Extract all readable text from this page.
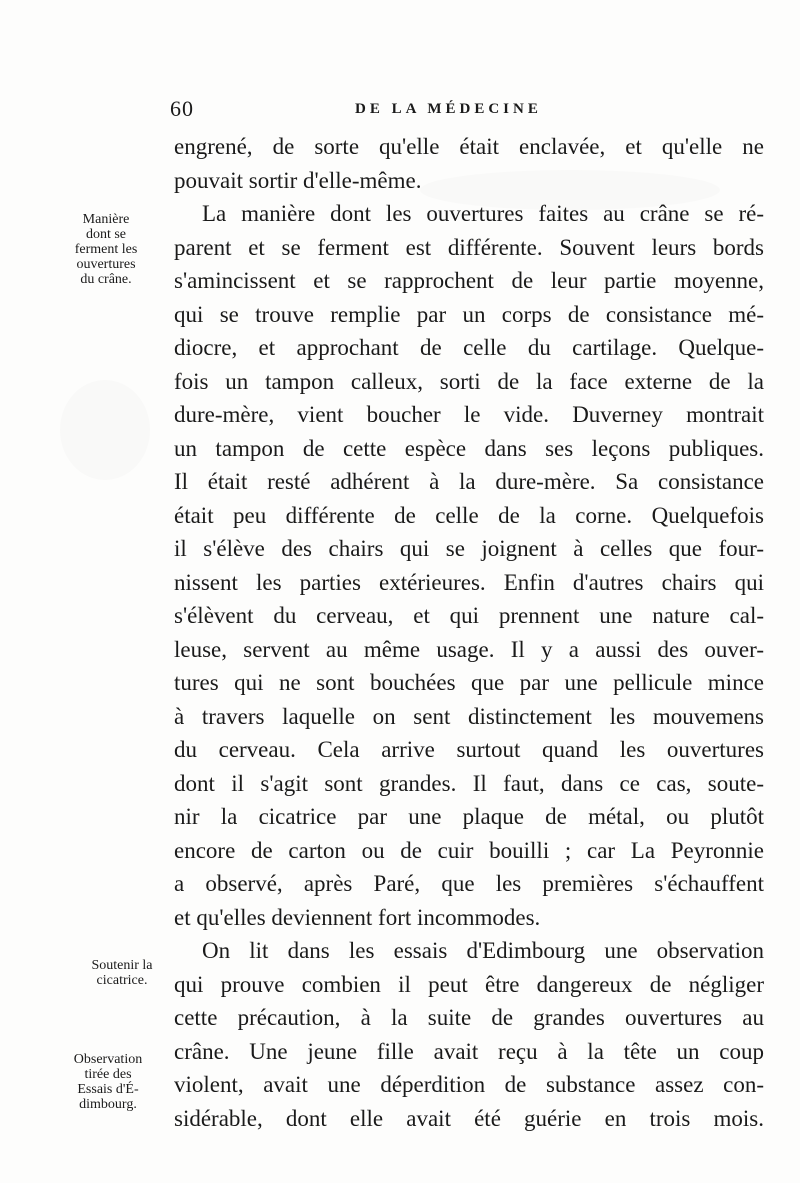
60	DE LA MÉDECINE
Manière
dont se
ferment les
ouvertures
du crâne.
Soutenir la
cicatrice.
Observation
tirée des
Essais d'É-
dimbourg.
engrené, de sorte qu'elle était enclavée, et qu'elle ne
pouvait sortir d'elle-même.
La manière dont les ouvertures faites au crâne se ré-
parent et se ferment est différente. Souvent leurs bords
s'amincissent et se rapprochent de leur partie moyenne,
qui se trouve remplie par un corps de consistance mé-
diocre, et approchant de celle du cartilage. Quelque-
fois un tampon calleux, sorti de la face externe de la
dure-mère, vient boucher le vide. Duverney montrait
un tampon de cette espèce dans ses leçons publiques.
Il était resté adhérent à la dure-mère. Sa consistance
était peu différente de celle de la corne. Quelquefois
il s'élève des chairs qui se joignent à celles que four-
nissent les parties extérieures. Enfin d'autres chairs qui
s'élèvent du cerveau, et qui prennent une nature cal-
leuse, servent au même usage. Il y a aussi des ouver-
tures qui ne sont bouchées que par une pellicule mince
à travers laquelle on sent distinctement les mouvemens
du cerveau. Cela arrive surtout quand les ouvertures
dont il s'agit sont grandes. Il faut, dans ce cas, soute-
nir la cicatrice par une plaque de métal, ou plutôt
encore de carton ou de cuir bouilli ; car La Peyronnie
a observé, après Paré, que les premières s'échauffent
et qu'elles deviennent fort incommodes.
On lit dans les essais d'Edimbourg une observation
qui prouve combien il peut être dangereux de négliger
cette précaution, à la suite de grandes ouvertures au
crâne. Une jeune fille avait reçu à la tête un coup
violent, avait une déperdition de substance assez con-
sidérable, dont elle avait été guérie en trois mois.
